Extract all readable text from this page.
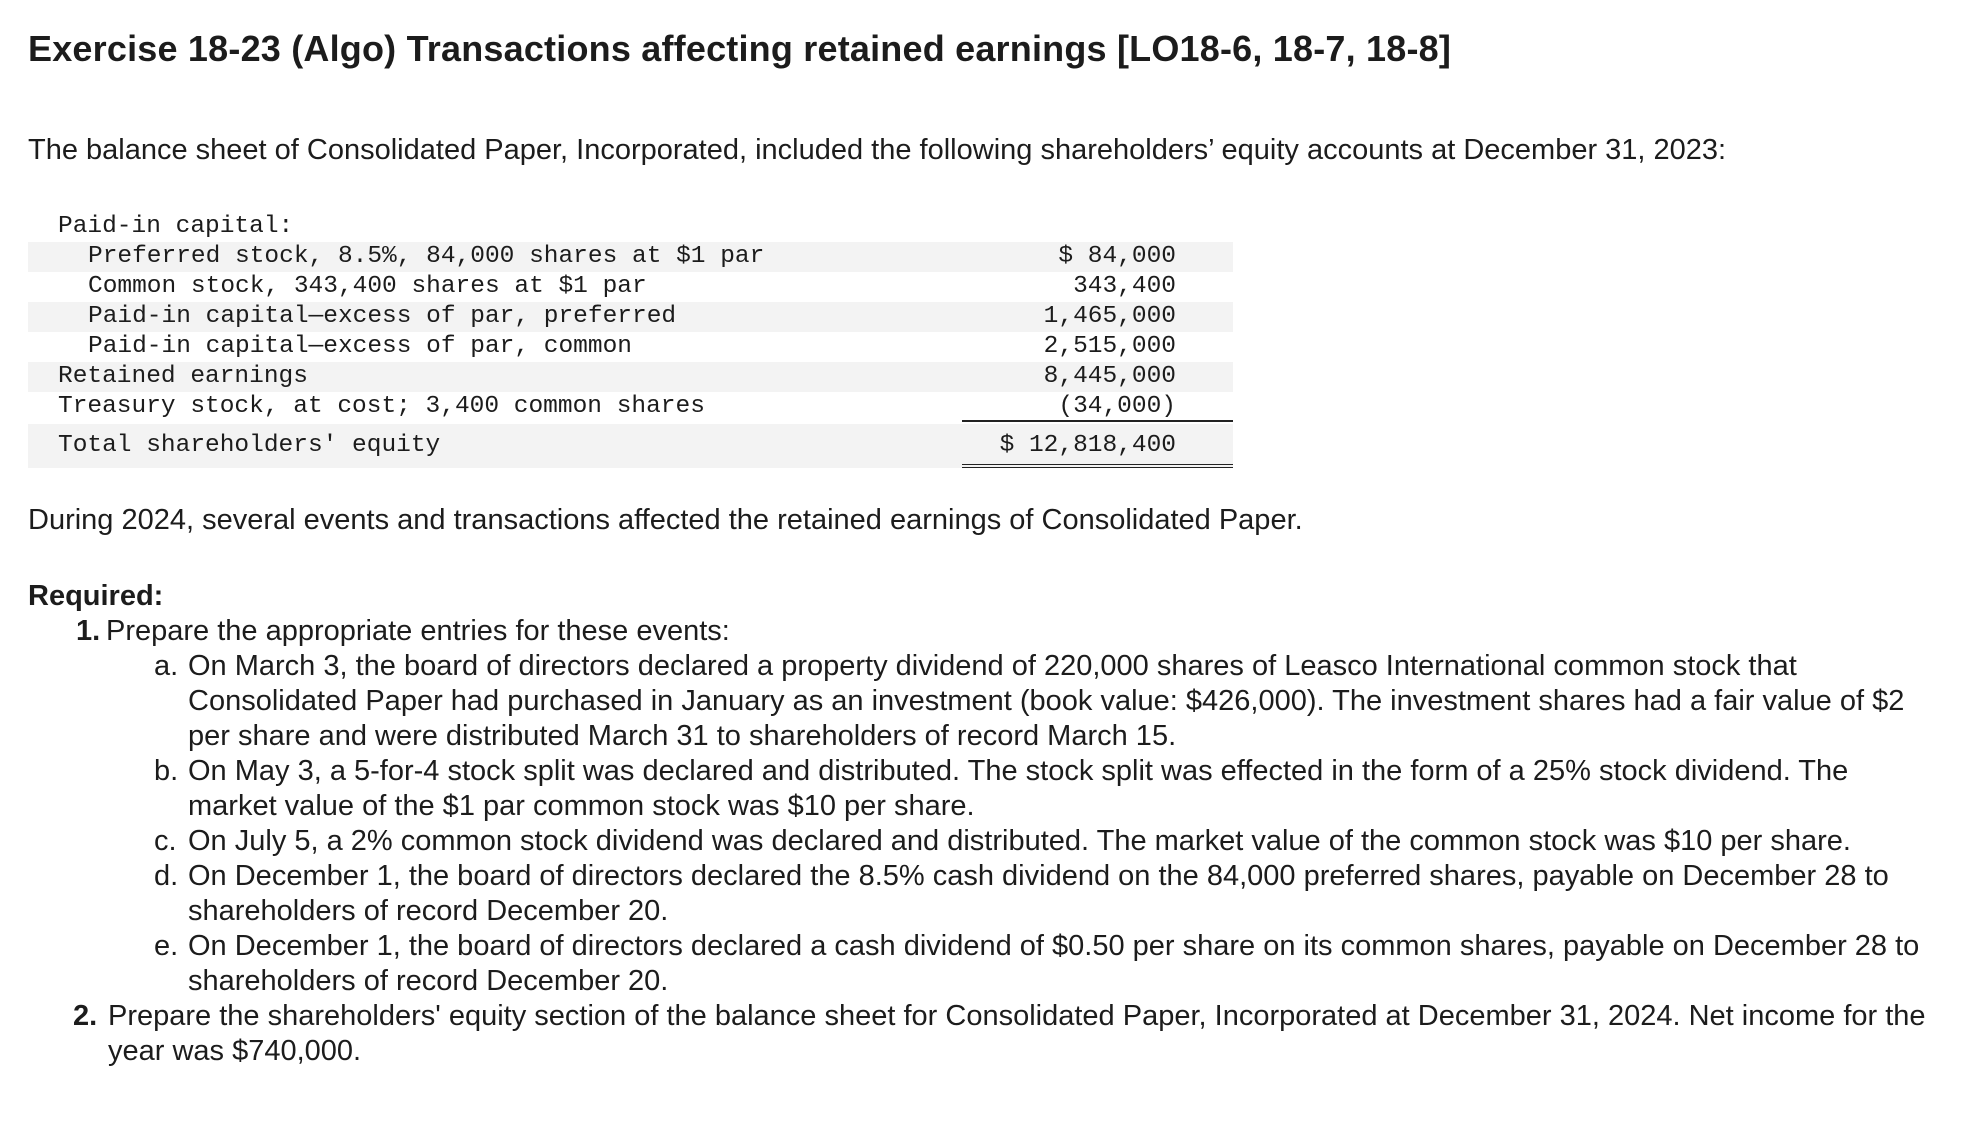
Exercise 18-23 (Algo) Transactions affecting retained earnings [LO18-6, 18-7, 18-8]

The balance sheet of Consolidated Paper, Incorporated, included the following shareholders’ equity accounts at December 31, 2023:

Paid-in capital:
Preferred stock, 8.5%, 84,000 shares at $1 par	$ 84,000
Common stock, 343,400 shares at $1 par	343,400
Paid-in capital—excess of par, preferred	1,465,000
Paid-in capital—excess of par, common	2,515,000
Retained earnings	8,445,000
Treasury stock, at cost; 3,400 common shares	(34,000)
Total shareholders' equity	$ 12,818,400

During 2024, several events and transactions affected the retained earnings of Consolidated Paper.

Required:

1. Prepare the appropriate entries for these events:
a. On March 3, the board of directors declared a property dividend of 220,000 shares of Leasco International common stock that Consolidated Paper had purchased in January as an investment (book value: $426,000). The investment shares had a fair value of $2 per share and were distributed March 31 to shareholders of record March 15.
b. On May 3, a 5-for-4 stock split was declared and distributed. The stock split was effected in the form of a 25% stock dividend. The market value of the $1 par common stock was $10 per share.
c. On July 5, a 2% common stock dividend was declared and distributed. The market value of the common stock was $10 per share.
d. On December 1, the board of directors declared the 8.5% cash dividend on the 84,000 preferred shares, payable on December 28 to shareholders of record December 20.
e. On December 1, the board of directors declared a cash dividend of $0.50 per share on its common shares, payable on December 28 to shareholders of record December 20.
2. Prepare the shareholders' equity section of the balance sheet for Consolidated Paper, Incorporated at December 31, 2024. Net income for the year was $740,000.
